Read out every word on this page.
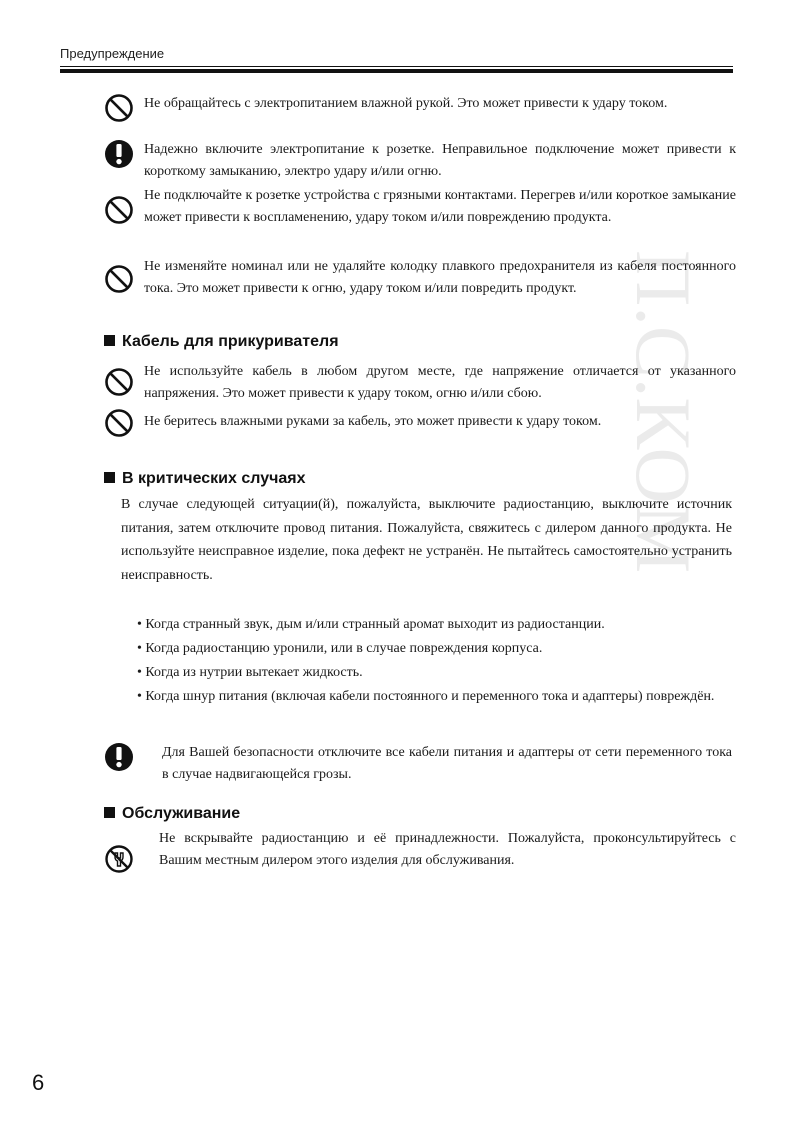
Предупреждение
П.С.КОМ
Не обращайтесь с электропитанием влажной рукой. Это может привести к удару током.
Надежно включите электропитание к розетке. Неправильное подключение может привести к короткому замыканию, электро удару и/или огню.
Не подключайте к розетке устройства с грязными контактами. Перегрев и/или короткое замыкание может привести к воспламенению, удару током и/или повреждению продукта.
Не изменяйте номинал или не удаляйте колодку плавкого предохранителя из кабеля постоянного тока. Это может привести к огню, удару током и/или повредить продукт.
Кабель для прикуривателя
Не используйте кабель в любом другом месте, где напряжение отличается от указанного напряжения. Это может привести к удару током, огню и/или сбою.
Не беритесь влажными руками за кабель, это может привести к удару током.
В критических случаях
В случае следующей ситуации(й), пожалуйста, выключите радиостанцию, выключите источник питания, затем отключите провод питания. Пожалуйста, свяжитесь с дилером данного продукта. Не используйте неисправное изделие, пока дефект не устранён. Не пытайтесь самостоятельно устранить неисправность.
• Когда странный звук, дым и/или странный аромат выходит из радиостанции.
• Когда радиостанцию уронили, или в случае повреждения корпуса.
• Когда из нутрии вытекает жидкость.
• Когда шнур питания (включая кабели постоянного и переменного тока и адаптеры) повреждён.
Для Вашей безопасности отключите все кабели питания и адаптеры от сети переменного тока в случае надвигающейся грозы.
Обслуживание
Не вскрывайте радиостанцию и её принадлежности. Пожалуйста, проконсультируйтесь с Вашим местным дилером этого изделия для обслуживания.
6
